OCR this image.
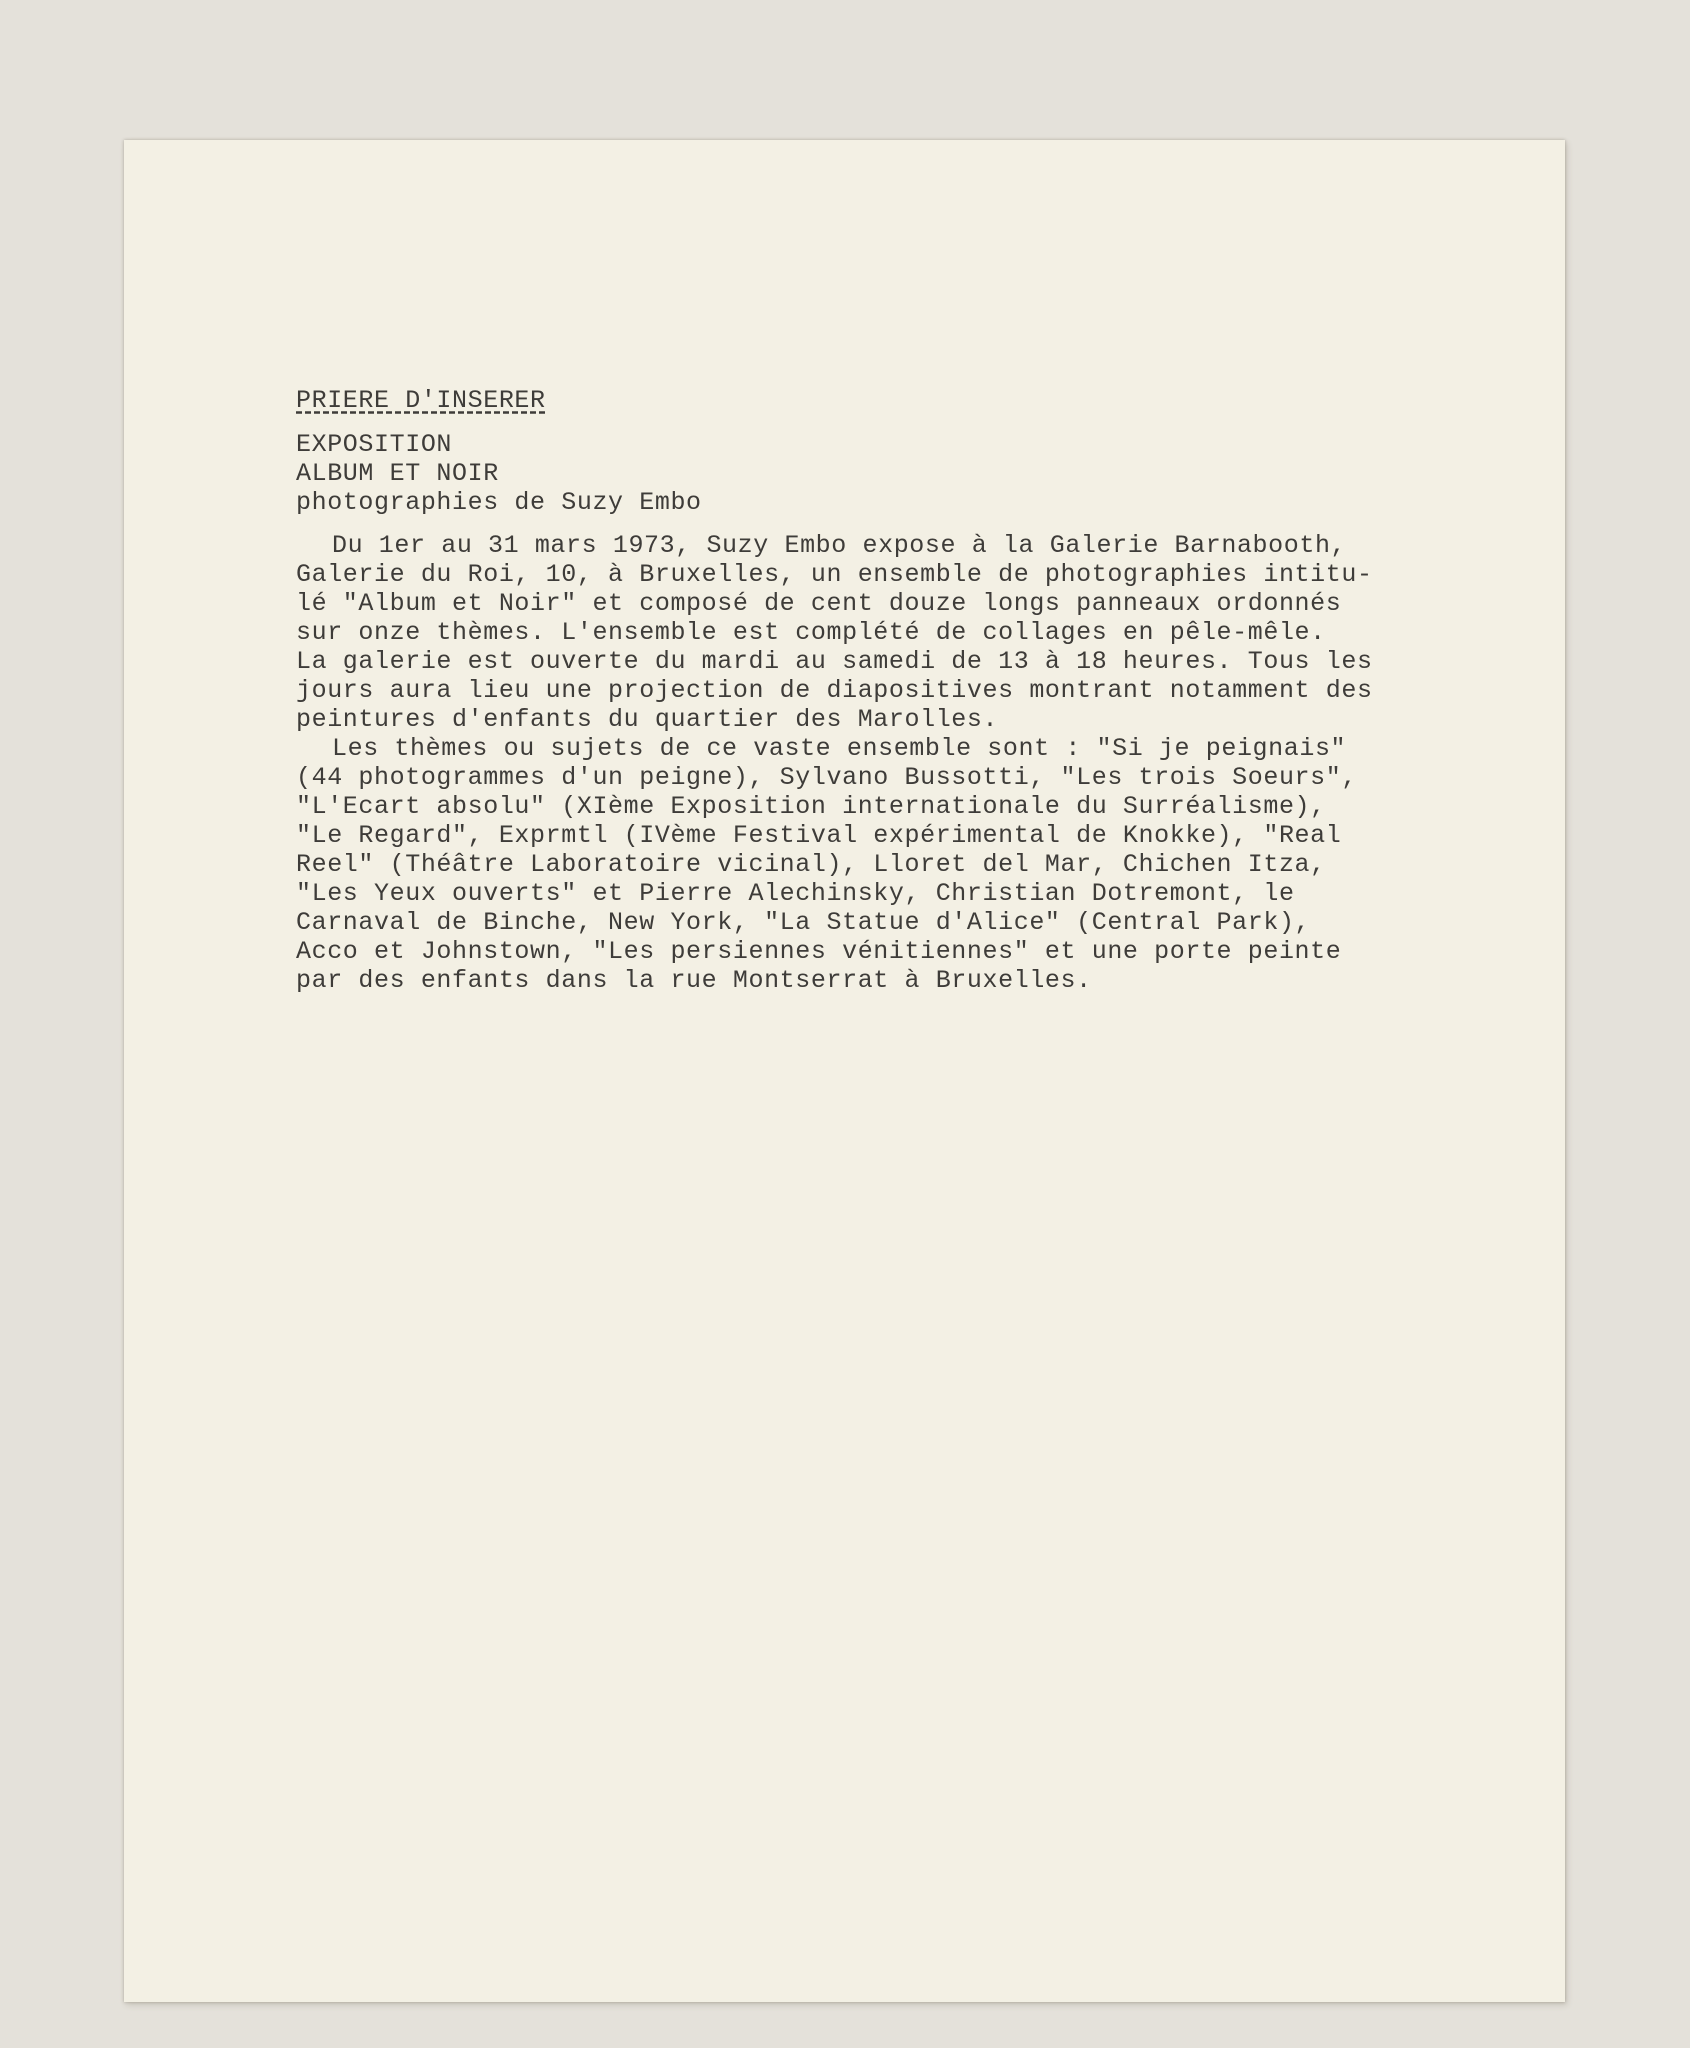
PRIERE D'INSERER
EXPOSITION
ALBUM ET NOIR
photographies de Suzy Embo
Du 1er au 31 mars 1973, Suzy Embo expose à la Galerie Barnabooth,
Galerie du Roi, 10, à Bruxelles, un ensemble de photographies intitu-
lé "Album et Noir" et composé de cent douze longs panneaux ordonnés
sur onze thèmes. L'ensemble est complété de collages en pêle-mêle.
La galerie est ouverte du mardi au samedi de 13 à 18 heures. Tous les
jours aura lieu une projection de diapositives montrant notamment des
peintures d'enfants du quartier des Marolles.
Les thèmes ou sujets de ce vaste ensemble sont : "Si je peignais"
(44 photogrammes d'un peigne), Sylvano Bussotti, "Les trois Soeurs",
"L'Ecart absolu" (XIème Exposition internationale du Surréalisme),
"Le Regard", Exprmtl (IVème Festival expérimental de Knokke), "Real
Reel" (Théâtre Laboratoire vicinal), Lloret del Mar, Chichen Itza,
"Les Yeux ouverts" et Pierre Alechinsky, Christian Dotremont, le
Carnaval de Binche, New York, "La Statue d'Alice" (Central Park),
Acco et Johnstown, "Les persiennes vénitiennes" et une porte peinte
par des enfants dans la rue Montserrat à Bruxelles.
